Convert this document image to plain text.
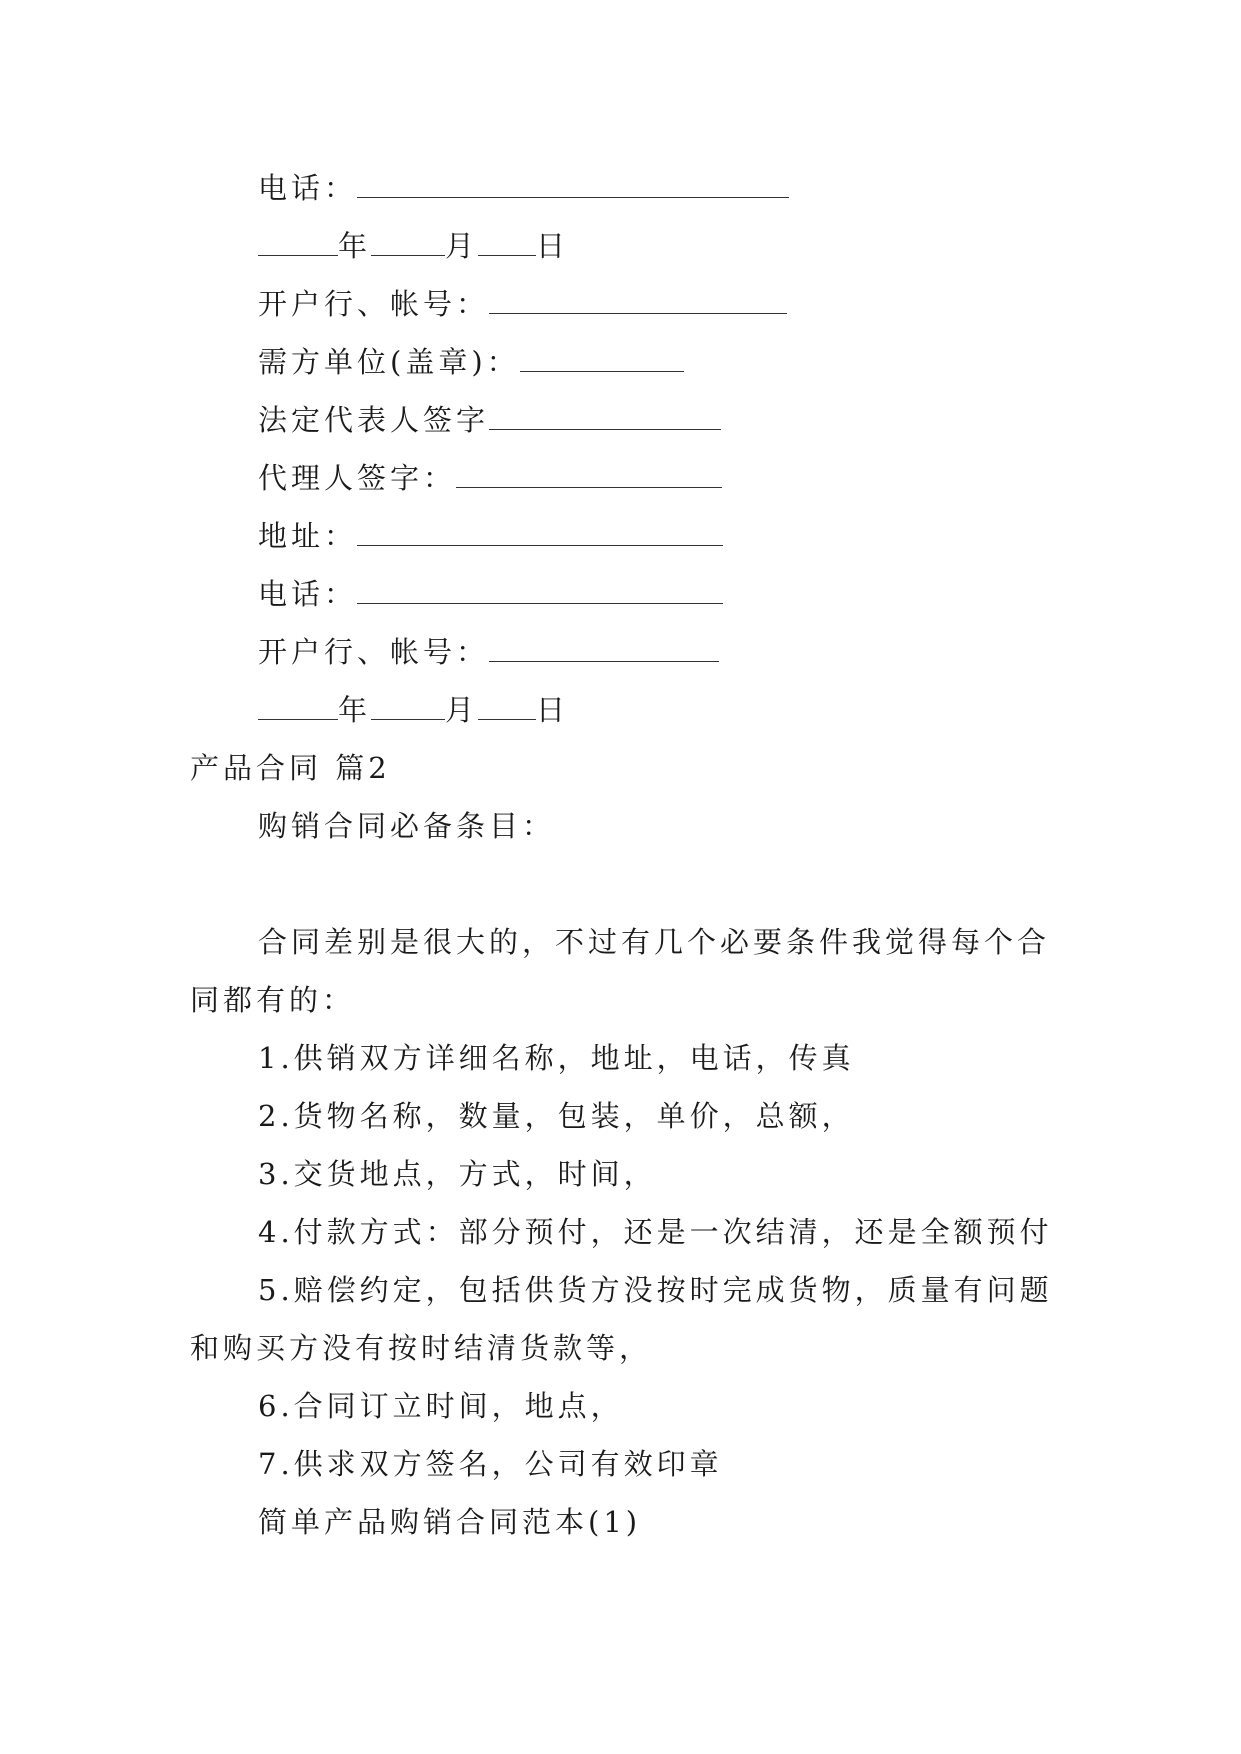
电话：
年	月 日
开户行、帐号：
需方单位(盖章)：
法定代表人签字
代理人签字：
地址：
电话：
开户行、帐号：
年	月 日
产品合同 篇2
购销合同必备条目：
合同差别是很大的，不过有几个必要条件我觉得每个合
同都有的：
1.供销双方详细名称，地址，电话，传真
2.货物名称，数量，包装，单价，总额，
3.交货地点，方式，时间，
4.付款方式：部分预付，还是一次结清，还是全额预付
5.赔偿约定，包括供货方没按时完成货物，质量有问题
和购买方没有按时结清货款等，
6.合同订立时间，地点，
7.供求双方签名，公司有效印章
简单产品购销合同范本(1)
